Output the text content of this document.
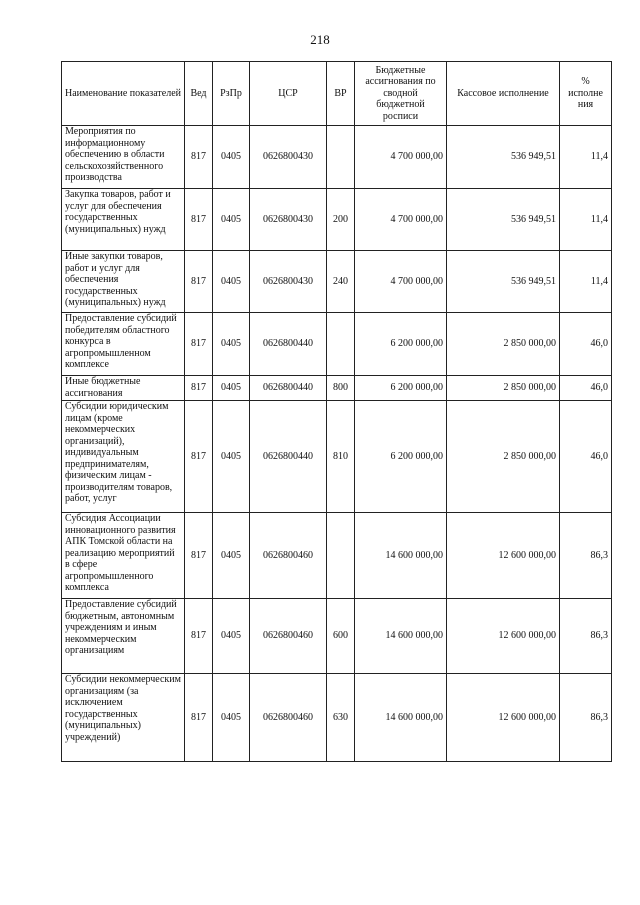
218
Наименование показателей	Вед	РзПр	ЦСР	ВР	Бюджетные ассигнования по сводной бюджетной росписи	Кассовое исполнение	% исполне ния
Мероприятия по информационному обеспечению в области сельскохозяйственного производства	817	0405	0626800430		4 700 000,00	536 949,51	11,4
Закупка товаров, работ и услуг для обеспечения государственных (муниципальных) нужд	817	0405	0626800430	200	4 700 000,00	536 949,51	11,4
Иные закупки товаров, работ и услуг для обеспечения государственных (муниципальных) нужд	817	0405	0626800430	240	4 700 000,00	536 949,51	11,4
Предоставление субсидий победителям областного конкурса в агропромышленном комплексе	817	0405	0626800440		6 200 000,00	2 850 000,00	46,0
Иные бюджетные ассигнования	817	0405	0626800440	800	6 200 000,00	2 850 000,00	46,0
Субсидии юридическим лицам (кроме некоммерческих организаций), индивидуальным предпринимателям, физическим лицам - производителям товаров, работ, услуг	817	0405	0626800440	810	6 200 000,00	2 850 000,00	46,0
Субсидия Ассоциации инновационного развития АПК Томской области на реализацию мероприятий в сфере агропромышленного комплекса	817	0405	0626800460		14 600 000,00	12 600 000,00	86,3
Предоставление субсидий бюджетным, автономным учреждениям и иным некоммерческим организациям	817	0405	0626800460	600	14 600 000,00	12 600 000,00	86,3
Субсидии некоммерческим организациям (за исключением государственных (муниципальных) учреждений)	817	0405	0626800460	630	14 600 000,00	12 600 000,00	86,3
